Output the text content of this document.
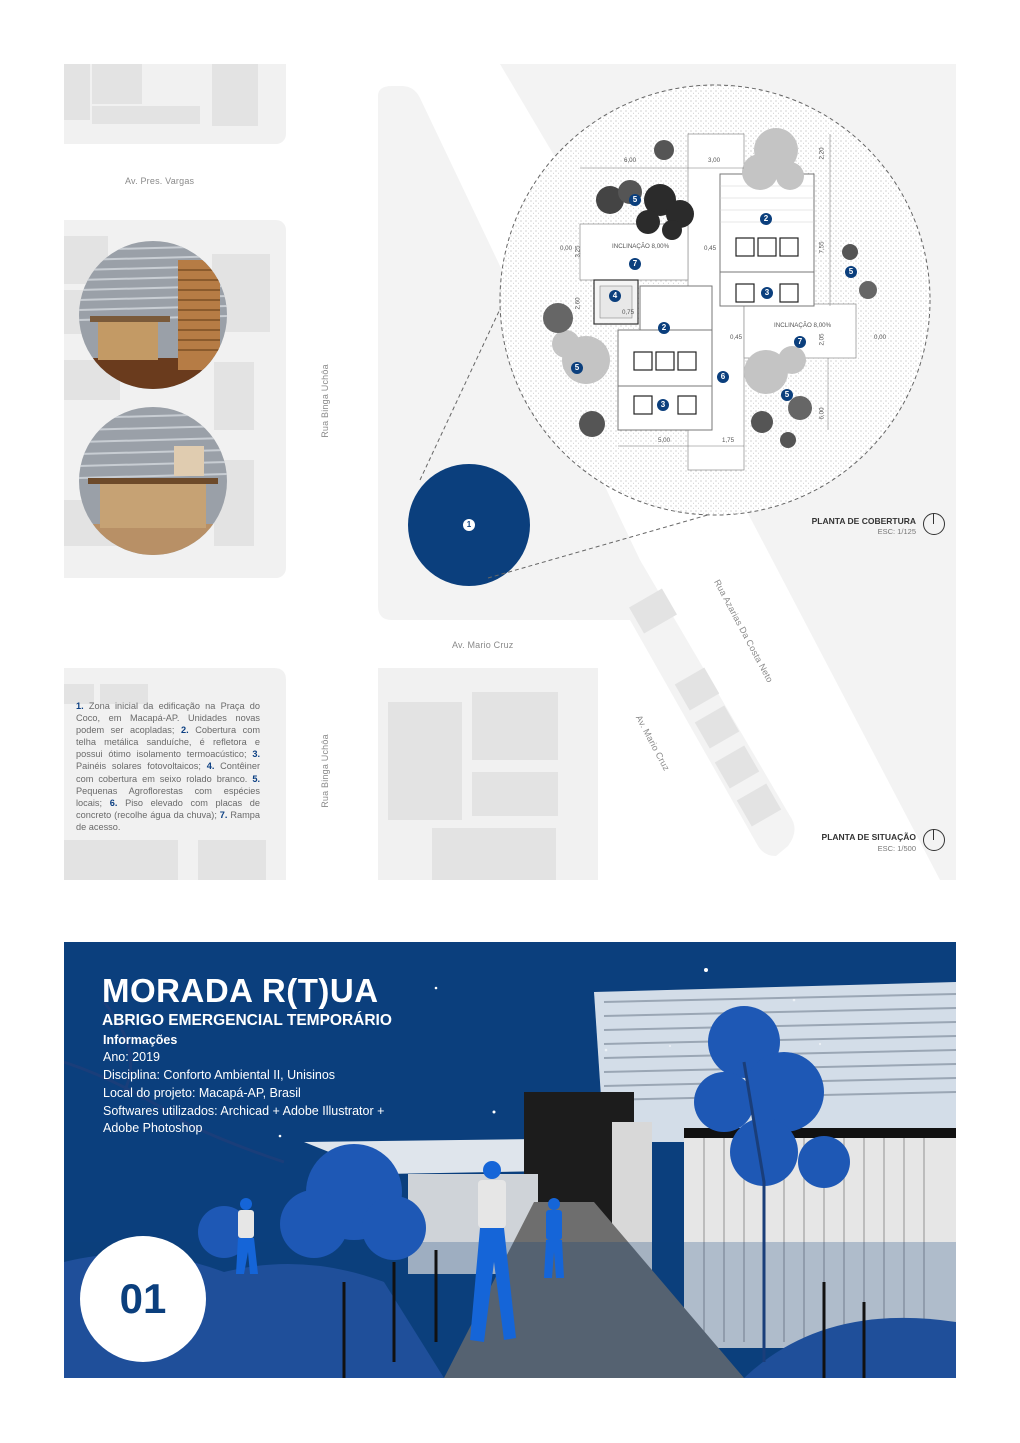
Av. Pres. Vargas
Rua Binga Uchôa
Av. Mario Cruz
Rua Binga Uchôa	Av. Mario Cruz
Rua Azarias Da Costa Neto
1
5
2
7
5
4
2
3
7
5
6
5
3
6,00	3,00
2,20
3,25	7,55
2,60
2,05
6,00
5,00	1,75
0,45
0,45
0,00
0,00
0,75
INCLINAÇÃO 8,00%
INCLINAÇÃO 8,00%
PLANTA DE COBERTURA
ESC: 1/125
PLANTA DE SITUAÇÃO
ESC: 1/500
1. Zona inicial da edificação na Praça do Coco, em Macapá-AP. Unidades novas podem ser acopladas; 2. Cobertura com telha metálica sanduíche, é refletora e possui ótimo isolamento termoacústico; 3. Painéis solares fotovoltaicos; 4. Contêiner com cobertura em seixo rolado branco. 5. Pequenas Agroflorestas com espécies locais; 6. Piso elevado com placas de concreto (recolhe água da chuva); 7. Rampa de acesso.
MORADA R(T)UA
ABRIGO EMERGENCIAL TEMPORÁRIO
Informações
Ano: 2019
Disciplina: Conforto Ambiental II, Unisinos
Local do projeto: Macapá-AP, Brasil
Softwares utilizados: Archicad + Adobe Illustrator +
Adobe Photoshop
01
